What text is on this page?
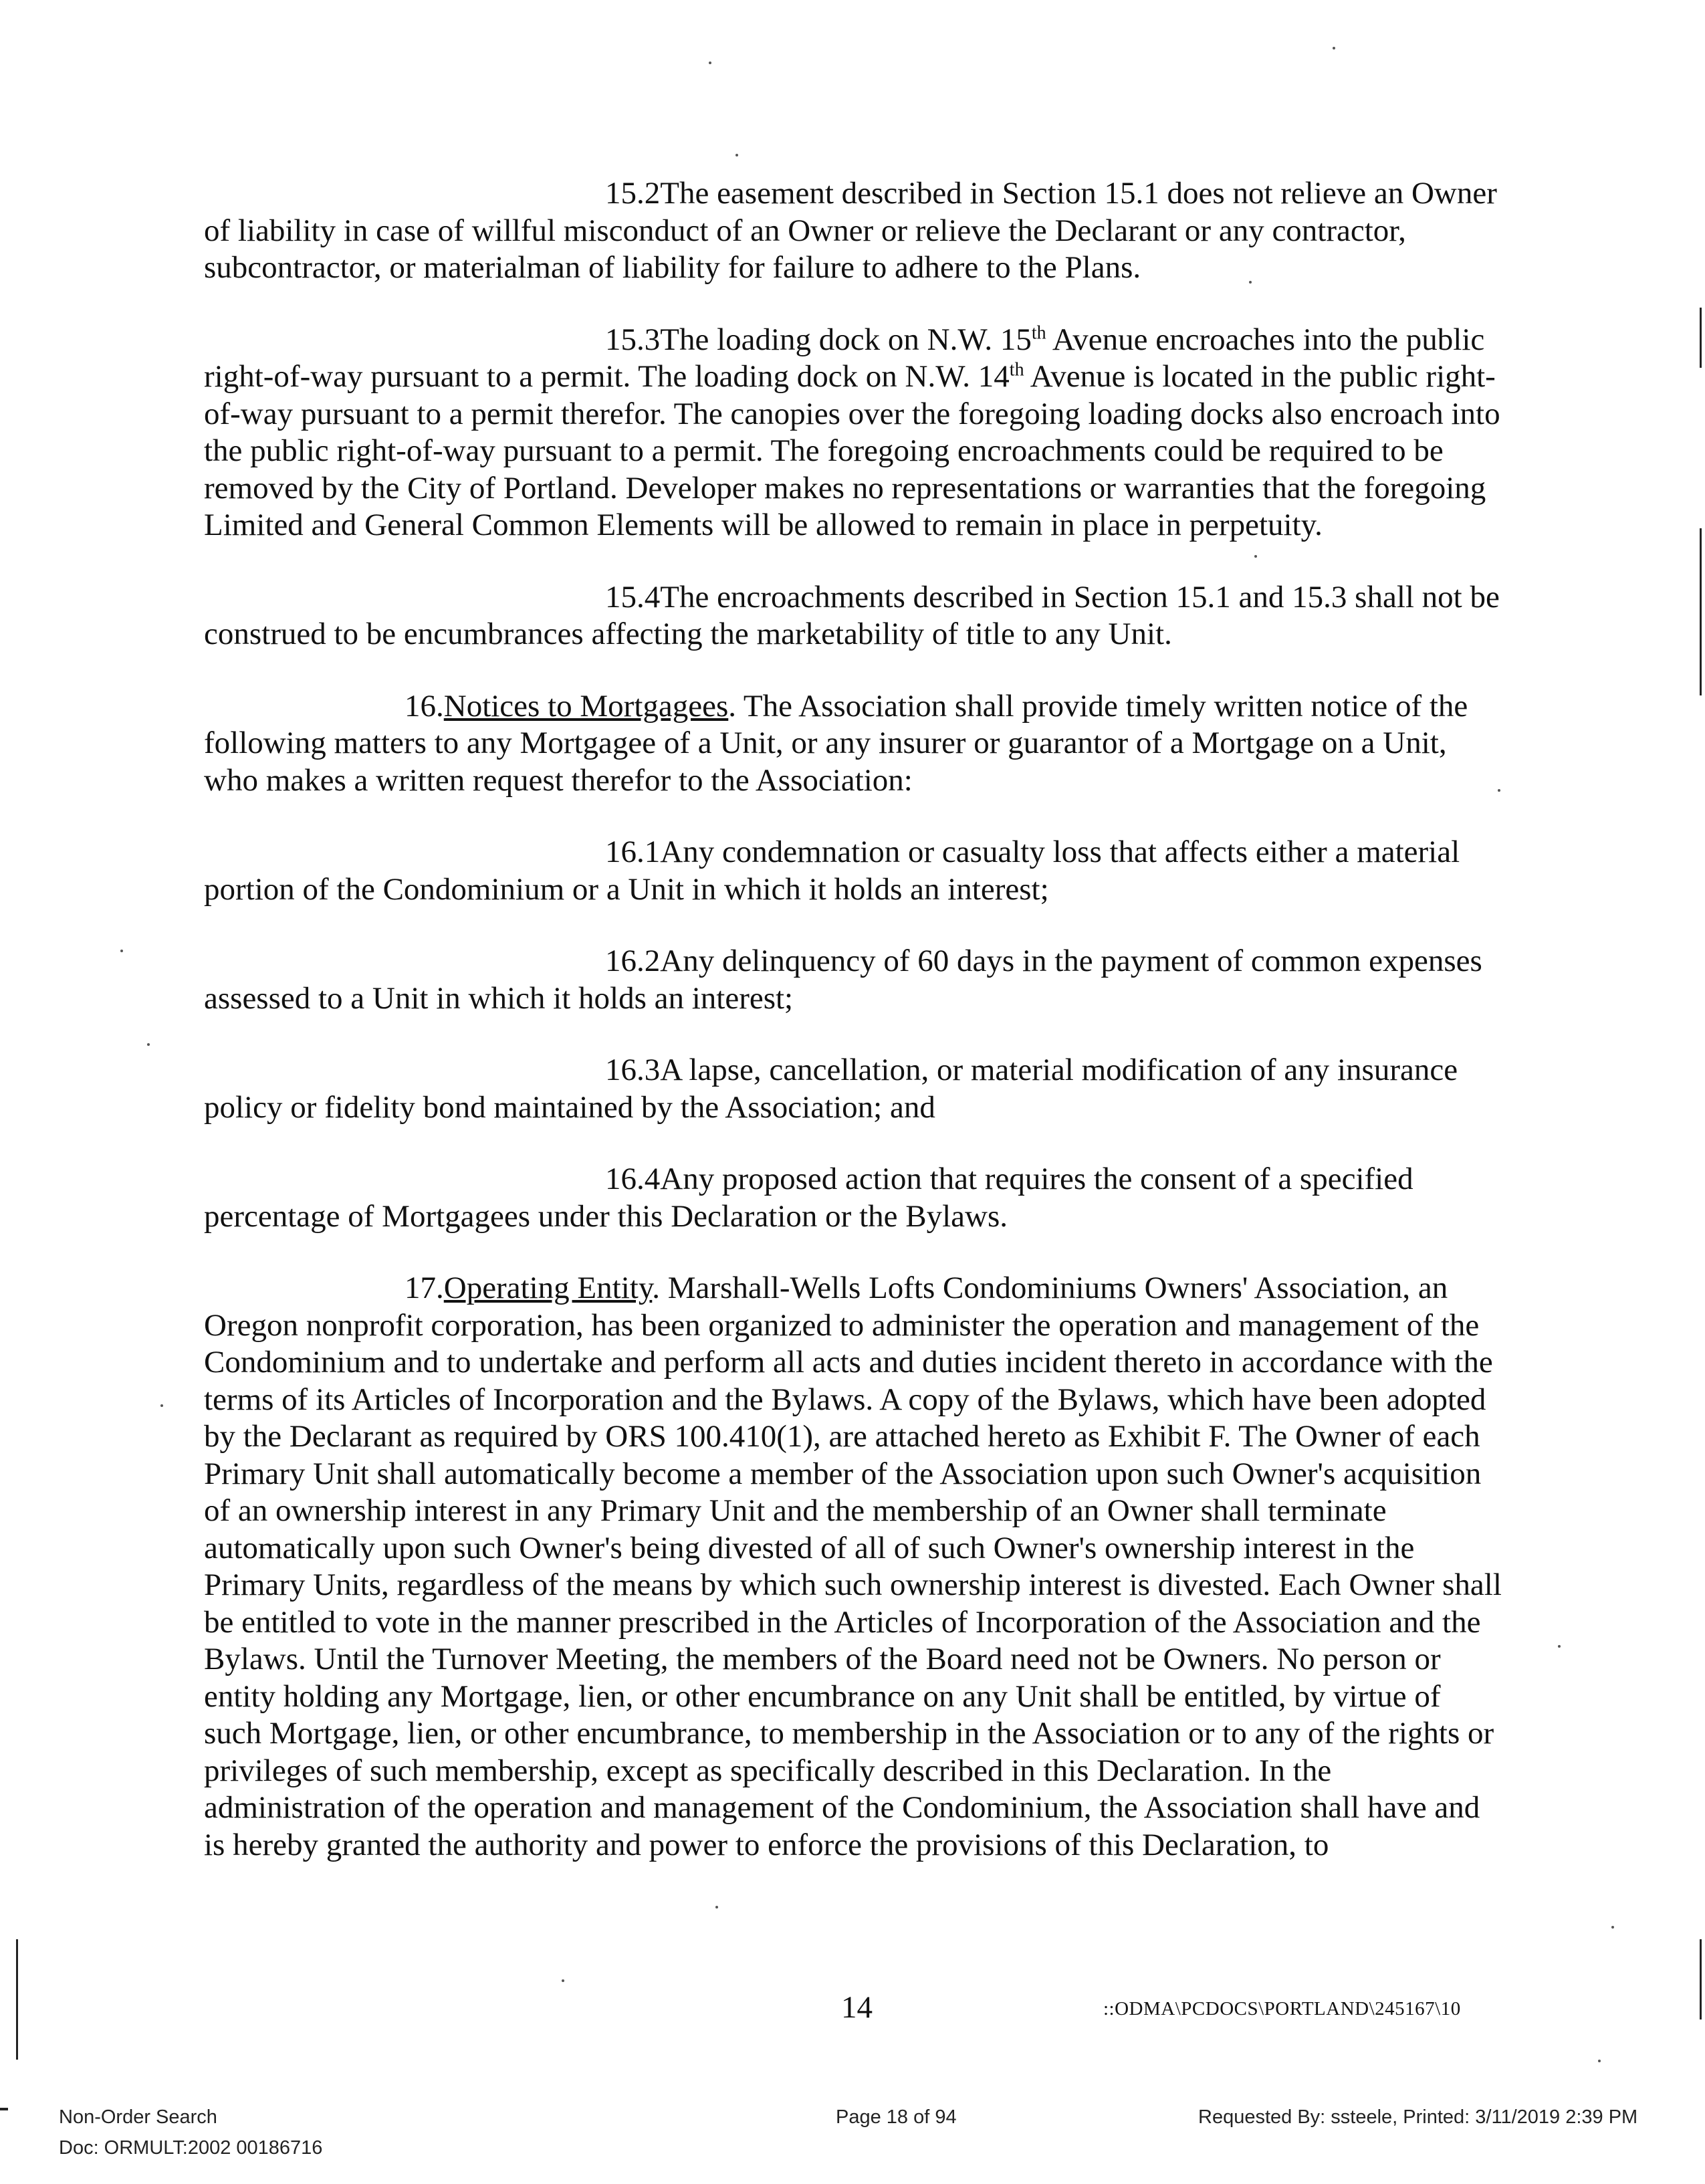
15.2The easement described in Section 15.1 does not relieve an Owner of liability in case of willful misconduct of an Owner or relieve the Declarant or any contractor, subcontractor, or materialman of liability for failure to adhere to the Plans.

15.3The loading dock on N.W. 15th Avenue encroaches into the public right-of-way pursuant to a permit. The loading dock on N.W. 14th Avenue is located in the public right-of-way pursuant to a permit therefor. The canopies over the foregoing loading docks also encroach into the public right-of-way pursuant to a permit. The foregoing encroachments could be required to be removed by the City of Portland. Developer makes no representations or warranties that the foregoing Limited and General Common Elements will be allowed to remain in place in perpetuity.

15.4The encroachments described in Section 15.1 and 15.3 shall not be construed to be encumbrances affecting the marketability of title to any Unit.

16.Notices to Mortgagees. The Association shall provide timely written notice of the following matters to any Mortgagee of a Unit, or any insurer or guarantor of a Mortgage on a Unit, who makes a written request therefor to the Association:

16.1Any condemnation or casualty loss that affects either a material portion of the Condominium or a Unit in which it holds an interest;

16.2Any delinquency of 60 days in the payment of common expenses assessed to a Unit in which it holds an interest;

16.3A lapse, cancellation, or material modification of any insurance policy or fidelity bond maintained by the Association; and

16.4Any proposed action that requires the consent of a specified percentage of Mortgagees under this Declaration or the Bylaws.

17.Operating Entity. Marshall-Wells Lofts Condominiums Owners' Association, an Oregon nonprofit corporation, has been organized to administer the operation and management of the Condominium and to undertake and perform all acts and duties incident thereto in accordance with the terms of its Articles of Incorporation and the Bylaws. A copy of the Bylaws, which have been adopted by the Declarant as required by ORS 100.410(1), are attached hereto as Exhibit F. The Owner of each Primary Unit shall automatically become a member of the Association upon such Owner's acquisition of an ownership interest in any Primary Unit and the membership of an Owner shall terminate automatically upon such Owner's being divested of all of such Owner's ownership interest in the Primary Units, regardless of the means by which such ownership interest is divested. Each Owner shall be entitled to vote in the manner prescribed in the Articles of Incorporation of the Association and the Bylaws. Until the Turnover Meeting, the members of the Board need not be Owners. No person or entity holding any Mortgage, lien, or other encumbrance on any Unit shall be entitled, by virtue of such Mortgage, lien, or other encumbrance, to membership in the Association or to any of the rights or privileges of such membership, except as specifically described in this Declaration. In the administration of the operation and management of the Condominium, the Association shall have and is hereby granted the authority and power to enforce the provisions of this Declaration, to

14	::ODMA\PCDOCS\PORTLAND\245167\10
Non-Order Search
Doc: ORMULT:2002 00186716
Page 18 of 94	Requested By: ssteele, Printed: 3/11/2019 2:39 PM
